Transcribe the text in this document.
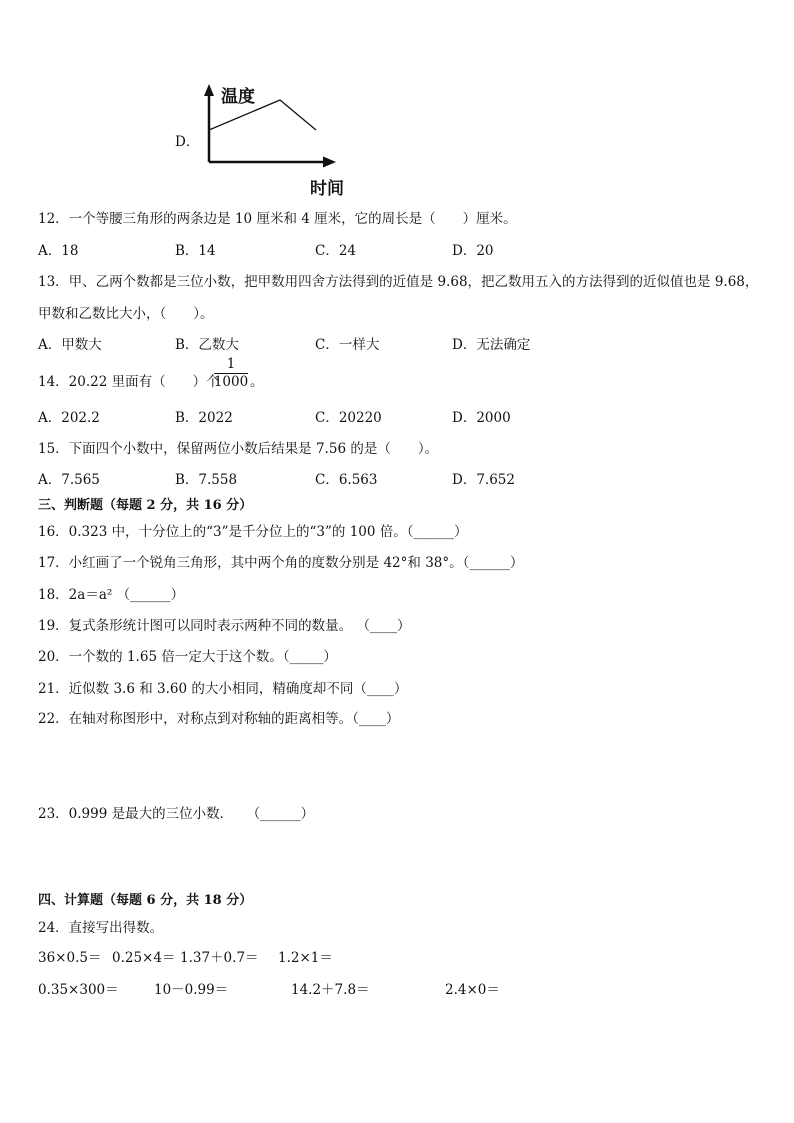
D．
温度
时间
12．一个等腰三角形的两条边是 10 厘米和 4 厘米，它的周长是（　　）厘米。
A．18	B．14	C．24	D．20
13．甲、乙两个数都是三位小数，把甲数用四舍方法得到的近值是 9.68，把乙数用五入的方法得到的近似值也是 9.68，
甲数和乙数比大小，（　　）。
A．甲数大	B．乙数大	C．一样大	D．无法确定
14．20.22 里面有（　　）个
1
1000 。
A．202.2	B．2022	C．20220	D．2000
15．下面四个小数中，保留两位小数后结果是 7.56 的是（　　）。
A．7.565	B．7.558	C．6.563	D．7.652
三、判断题（每题 2 分，共 16 分）
16．0.323 中，十分位上的“3”是千分位上的“3”的 100 倍。（______）
17．小红画了一个锐角三角形，其中两个角的度数分别是 42°和 38°。（______）
18．2a＝a² （______）
19．复式条形统计图可以同时表示两种不同的数量。 （____）
20．一个数的 1.65 倍一定大于这个数。（_____）
21．近似数 3.6 和 3.60 的大小相同，精确度却不同（____）
22．在轴对称图形中，对称点到对称轴的距离相等。（____）
23．0.999 是最大的三位小数．　　（______）
四、计算题（每题 6 分，共 18 分）
24．直接写出得数。
36×0.5＝ 0.25×4＝ 1.37＋0.7＝ 1.2×1＝
0.35×300＝	10－0.99＝	14.2＋7.8＝	2.4×0＝
